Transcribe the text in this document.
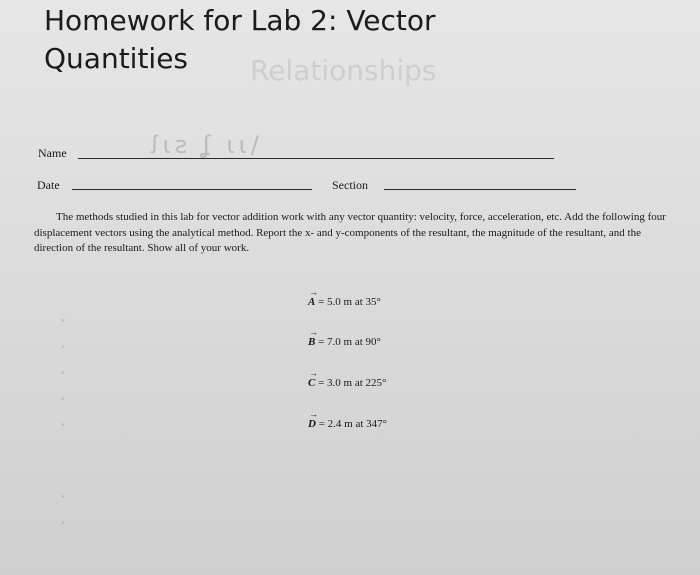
Relationships
Homework for Lab 2: Vector
Quantities
ꭍɩƨ ʆ ɩɩ/
Name
Date	Section

The methods studied in this lab for vector addition work with any vector quantity: velocity, force, acceleration, etc. Add the following four displacement vectors using the analytical method. Report the x- and y-components of the resultant, the magnitude of the resultant, and the direction of the resultant. Show all of your work.

→
A = 5.0 m at 35°
→
B = 7.0 m at 90°
→
C = 3.0 m at 225°
→
D = 2.4 m at 347°
•
•
•
•
•
•
•
